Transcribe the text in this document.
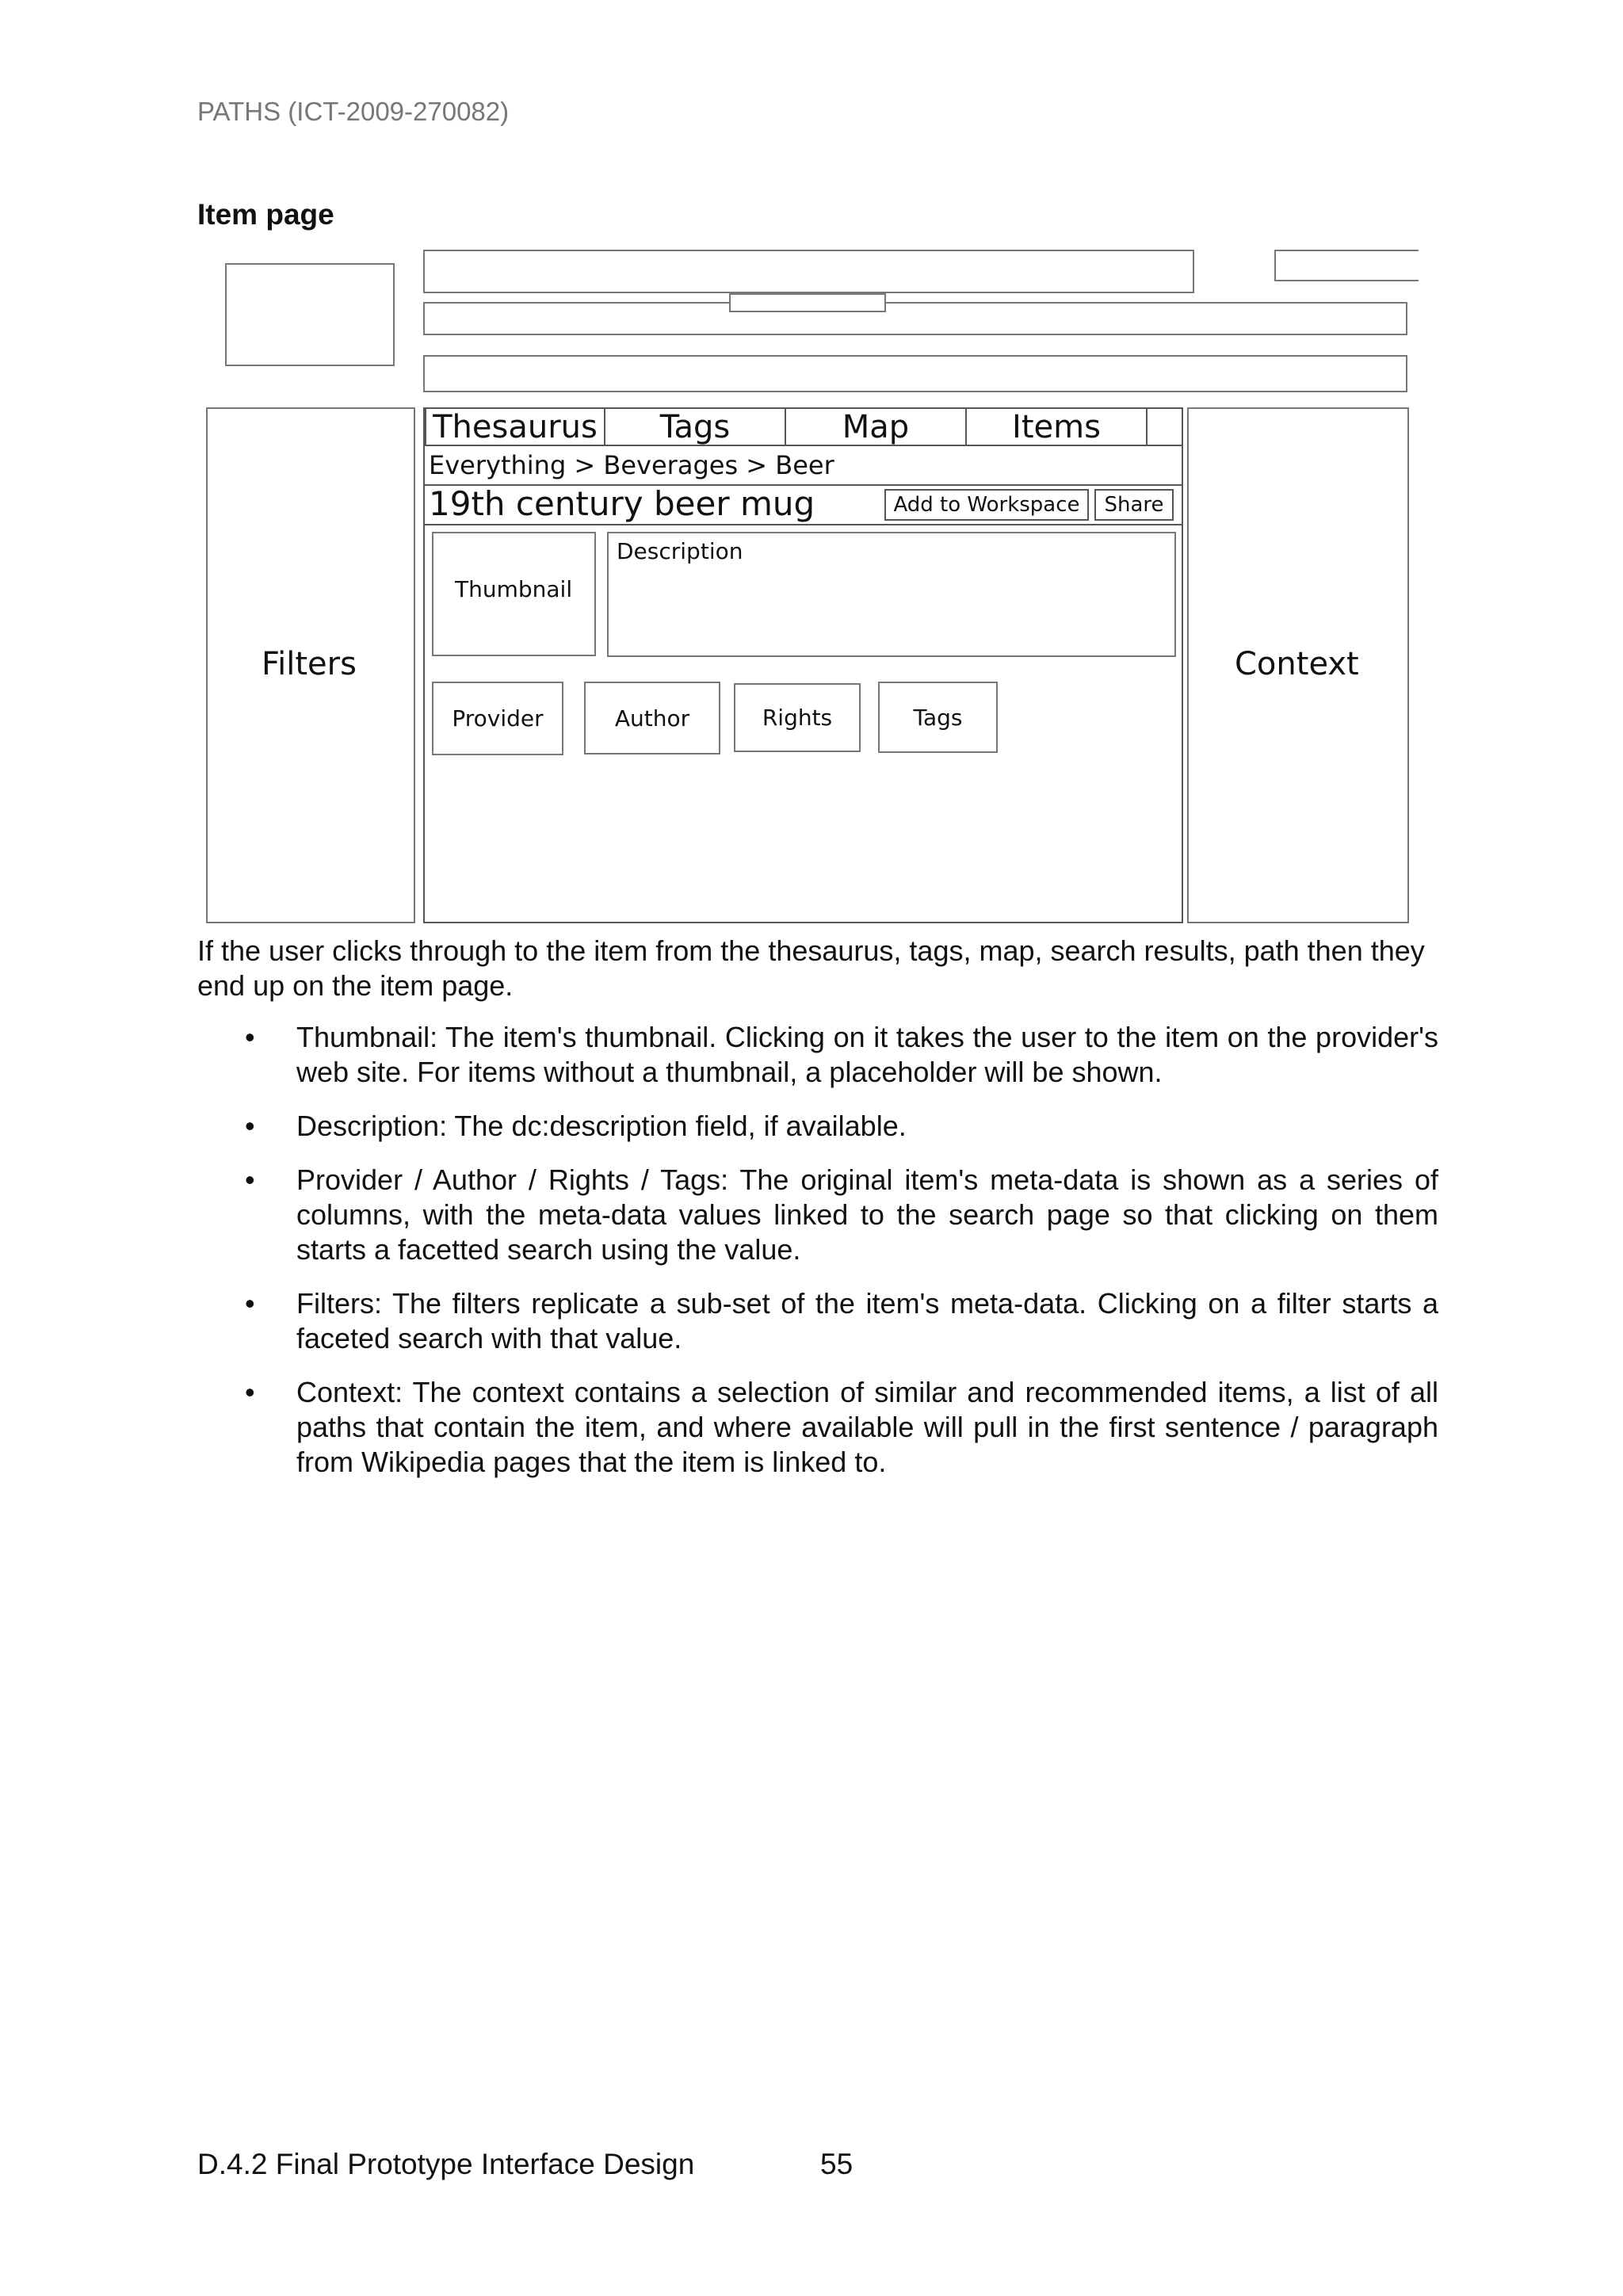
PATHS (ICT-2009-270082)
Item page
Filters
Thesaurus	Tags	Map	Items
Everything > Beverages > Beer
19th century beer mug	Add to Workspace	Share
Thumbnail
Description
Provider	Author	Rights	Tags
Context

If the user clicks through to the item from the thesaurus, tags, map, search results, path then they end up on the item page.

• Thumbnail: The item's thumbnail. Clicking on it takes the user to the item on the provider's web site. For items without a thumbnail, a placeholder will be shown.
• Description: The dc:description field, if available.
• Provider / Author / Rights / Tags: The original item's meta-data is shown as a series of columns, with the meta-data values linked to the search page so that clicking on them starts a facetted search using the value.
• Filters: The filters replicate a sub-set of the item's meta-data. Clicking on a filter starts a faceted search with that value.
• Context: The context contains a selection of similar and recommended items, a list of all paths that contain the item, and where available will pull in the first sentence / paragraph from Wikipedia pages that the item is linked to.
D.4.2 Final Prototype Interface Design	55
